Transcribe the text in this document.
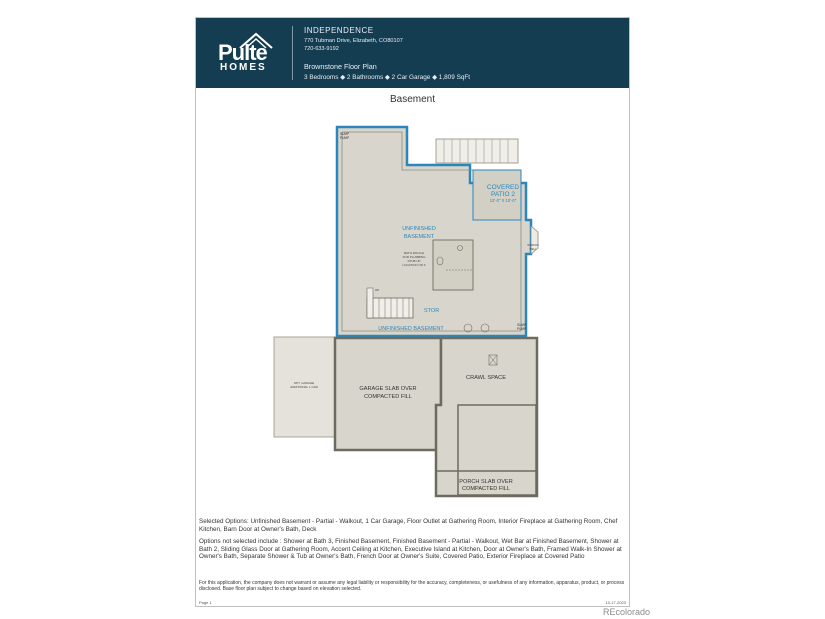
Pulte
HOMES
INDEPENDENCE
770 Tubman Drive, Elizabeth, CO80107
720-633-9192
Brownstone Floor Plan
3 Bedrooms ◆ 2 Bathrooms ◆ 2 Car Garage ◆ 1,809 SqFt
Basement
SUMP
PUMP
COVERED
PATIO 2
12'-0" X 10'-0"
UNFINISHED
BASEMENT
BATH ROUGH
FOR PLUMBING
STUB UP
LOCATION ON 3
WINDOW
WELL
UP
STOR
UNFINISHED BASEMENT
SUMP
PUMP
OPT. GARAGE
ADDITIONAL 1 CAR	GARAGE SLAB OVER
COMPACTED FILL
CRAWL SPACE
PORCH SLAB OVER
COMPACTED FILL
Selected Options: Unfinished Basement - Partial - Walkout, 1 Car Garage, Floor Outlet at Gathering Room, Interior Fireplace at Gathering Room, Chef Kitchen, Barn Door at Owner's Bath, Deck
Options not selected include : Shower at Bath 3, Finished Basement, Finished Basement - Partial - Walkout, Wet Bar at Finished Basement, Shower at Bath 2, Sliding Glass Door at Gathering Room, Accent Ceiling at Kitchen, Executive Island at Kitchen, Door at Owner's Bath, Framed Walk-In Shower at Owner's Bath, Separate Shower & Tub at Owner's Bath, French Door at Owner's Suite, Covered Patio, Exterior Fireplace at Covered Patio
For this application, the company does not warrant or assume any legal liability or responsibility for the accuracy, completeness, or usefulness of any information, apparatus, product, or process disclosed. Base floor plan subject to change based on elevation selected.
Page 1	10-17-2023
REcolorado
